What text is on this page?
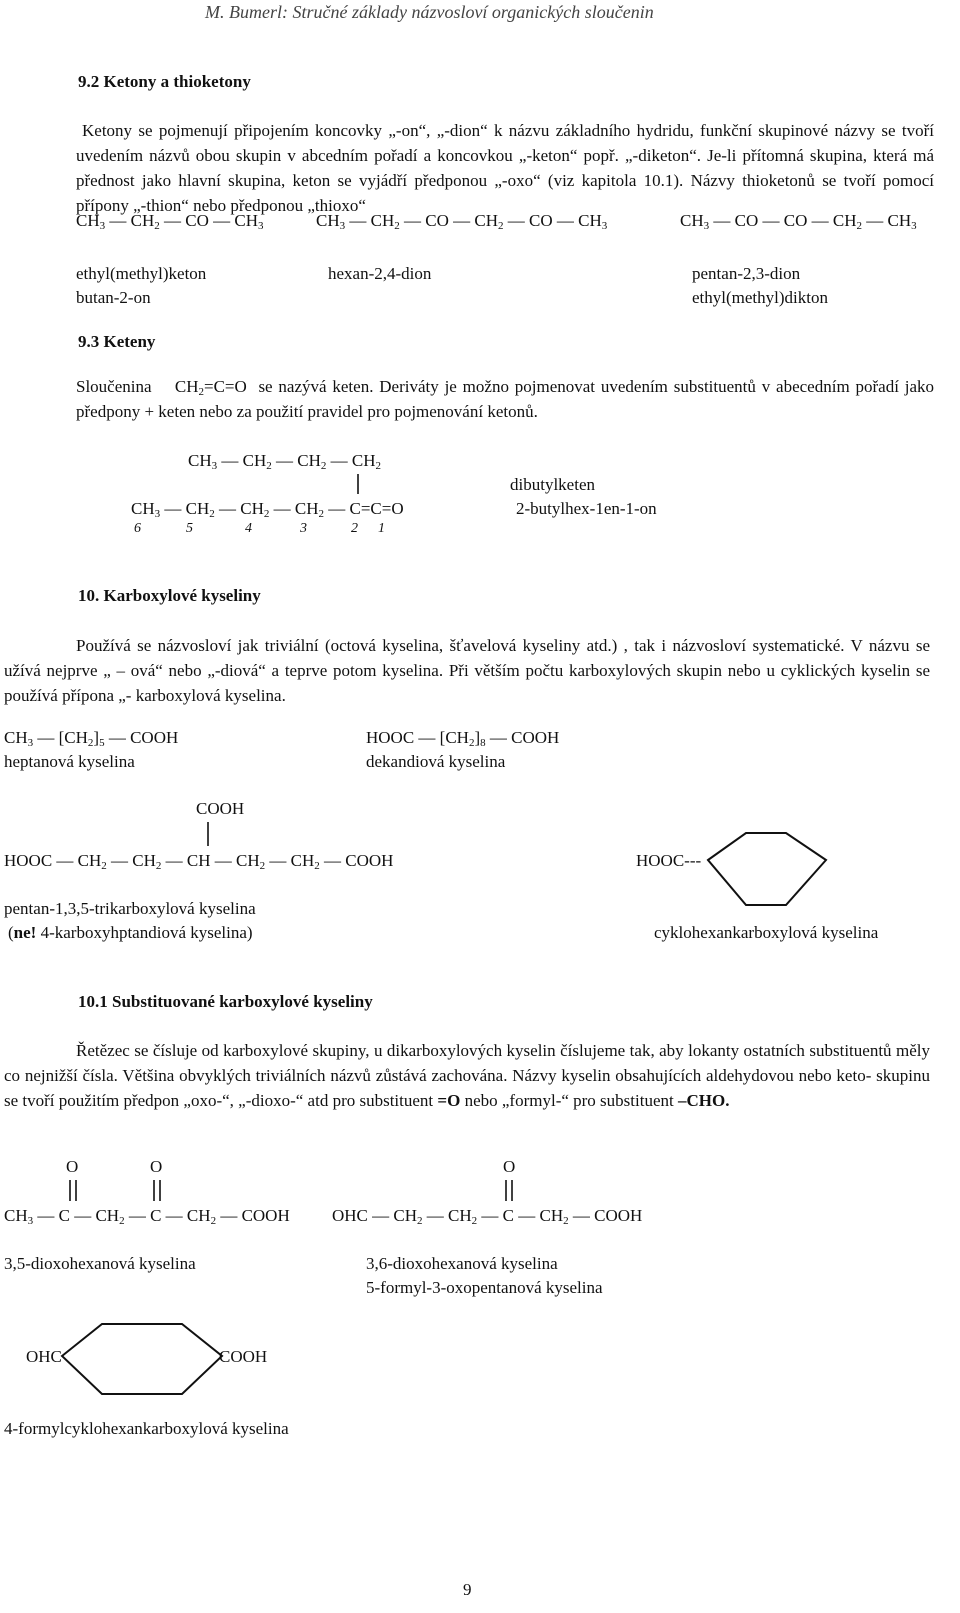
M. Bumerl: Stručné základy názvosloví organických sloučenin
9.2 Ketony a thioketony

Ketony se pojmenují připojením koncovky „-on“, „-dion“ k názvu základního hydridu, funkční skupinové názvy se tvoří uvedením názvů obou skupin v abcedním pořadí a koncovkou „-keton“ popř. „-diketon“. Je-li přítomná skupina, která má přednost jako hlavní skupina, keton se vyjádří předponou „-oxo“ (viz kapitola 10.1). Názvy thioketonů se tvoří pomocí přípony „-thion“ nebo předponou „thioxo“

$CH_3$ — $CH_2$ — CO — $CH_3$
ethyl(methyl)keton
butan-2-on
$CH_3$ — $CH_2$ — CO — $CH_2$ — CO — $CH_3$
hexan-2,4-dion
$CH_3$ — CO — CO — $CH_2$ — $CH_3$
pentan-2,3-dion
ethyl(methyl)dikton
9.3 Keteny

Sloučenina $CH_2=C=O$ se nazývá keten. Deriváty je možno pojmenovat uvedením substituentů v abecedním pořadí jako předpony + keten nebo za použití pravidel pro pojmenování ketonů.

$CH_3$ — $CH_2$ — $CH_2$ — $CH_2$
$CH_3$ — $CH_2$ — $CH_2$ — $CH_2$ — C=C=O
6	5	4	3	2 1
dibutylketen
2-butylhex-1en-1-on
10. Karboxylové kyseliny

Používá se názvosloví jak triviální (octová kyselina, šťavelová kyseliny atd.) , tak i názvosloví systematické. V názvu se užívá nejprve „ – ová“ nebo „-diová“ a teprve potom kyselina. Při větším počtu karboxylových skupin nebo u cyklických kyselin se používá přípona „- karboxylová kyselina.

$CH_3$ — $[CH_2]_5$ — COOH
heptanová kyselina
HOOC — $[CH_2]_8$ — COOH
dekandiová kyselina
COOH
HOOC — $CH_2$ — $CH_2$ — CH — $CH_2$ — $CH_2$ — COOH
pentan-1,3,5-trikarboxylová kyselina
(ne! 4-karboxyhptandiová kyselina)
HOOC---
cyklohexankarboxylová kyselina
10.1 Substituované karboxylové kyseliny

Řetězec se čísluje od karboxylové skupiny, u dikarboxylových kyselin číslujeme tak, aby lokanty ostatních substituentů měly co nejnižší čísla. Většina obvyklých triviálních názvů zůstává zachována. Názvy kyselin obsahujících aldehydovou nebo keto- skupinu se tvoří použitím předpon „oxo-“, „-dioxo-“ atd pro substituent =O nebo „formyl-“ pro substituent –CHO.

O	O	O
$CH_3$ — C — $CH_2$ — C — $CH_2$ — COOH OHC — $CH_2$ — $CH_2$ — C — $CH_2$ — COOH
3,5-dioxohexanová kyselina	3,6-dioxohexanová kyselina
5-formyl-3-oxopentanová kyselina
OHC	COOH
4-formylcyklohexankarboxylová kyselina
9
